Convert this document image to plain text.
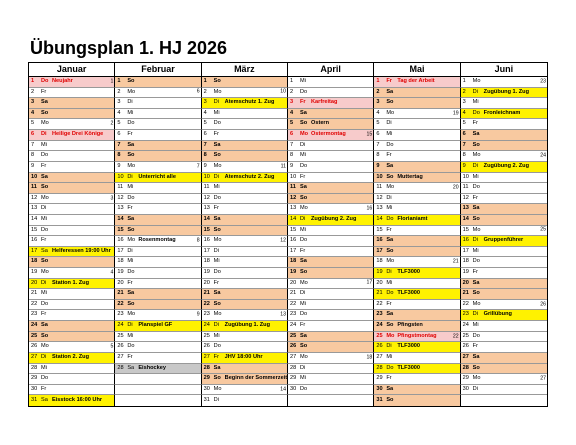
Übungsplan 1. HJ 2026
Januar	Februar	März	April	Mai	Juni
1	Do Neujahr	1
2	Fr
3	Sa
4	So
5	Mo	2
6	Di Heilige Drei Könige
7	Mi
8	Do
9	Fr
10 Sa
11 So
12 Mo	3
13 Di
14 Mi
15 Do
16 Fr
17 Sa Helferessen 19:00 Uhr
18 So
19 Mo	4
20 Di	Station 1. Zug
21 Mi
22 Do
23 Fr
24 Sa
25 So
26 Mo	5
27 Di	Station 2. Zug
28 Mi
29 Do
30 Fr
31 Sa Eisstock 16:00 Uhr
1	So
2	Mo	6
3	Di
4	Mi
5	Do
6	Fr
7	Sa
8	So
9	Mo	7
10 Di	Unterricht alle
11 Mi
12 Do
13 Fr
14 Sa
15 So
16 Mo Rosenmontag	8
17 Di
18 Mi
19 Do
20 Fr
21 Sa
22 So
23 Mo	9
24 Di	Planspiel GF
25 Mi
26 Do
27 Fr
28 Sa Eishockey
1	So
2	Mo	10
3	Di	Atemschutz 1. Zug
4	Mi
5	Do
6	Fr
7	Sa
8	So
9	Mo	11
10 Di	Atemschutz 2. Zug
11 Mi
12 Do
13 Fr
14 Sa
15 So
16 Mo	12
17 Di
18 Mi
19 Do
20 Fr
21 Sa
22 So
23 Mo	13
24 Di	Zugübung 1. Zug
25 Mi
26 Do
27 Fr	JHV 18:00 Uhr
28 Sa
29 So Beginn der Sommerzeit
30 Mo	14
31 Di
1	Mi
2	Do
3	Fr Karfreitag
4	Sa
5	So Ostern
6	Mo Ostermontag	15
7	Di
8	Mi
9	Do
10 Fr
11 Sa
12 So
13 Mo	16
14 Di	Zugübung 2. Zug
15 Mi
16 Do
17 Fr
18 Sa
19 So
20 Mo	17
21 Di
22 Mi
23 Do
24 Fr
25 Sa
26 So
27 Mo	18
28 Di
29 Mi
30 Do
1	Fr Tag der Arbeit
2	Sa
3	So
4	Mo	19
5	Di
6	Mi
7	Do
8	Fr
9	Sa
10 So Muttertag
11 Mo	20
12 Di
13 Mi
14 Do Florianiamt
15 Fr
16 Sa
17 So
18 Mo	21
19 Di	TLF3000
20 Mi
21 Do TLF3000
22 Fr
23 Sa
24 So Pfingsten
25 Mo Pfingstmontag	22
26 Di	TLF3000
27 Mi
28 Do TLF3000
29 Fr
30 Sa
31 So
1	Mo	23
2	Di	Zugübung 1. Zug
3	Mi
4	Do Fronleichnam
5	Fr
6	Sa
7	So
8	Mo	24
9	Di	Zugübung 2. Zug
10 Mi
11 Do
12 Fr
13 Sa
14 So
15 Mo	25
16 Di	Gruppenführer
17 Mi
18 Do
19 Fr
20 Sa
21 So
22 Mo	26
23 Di	Grillübung
24 Mi
25 Do
26 Fr
27 Sa
28 So
29 Mo	27
30 Di
